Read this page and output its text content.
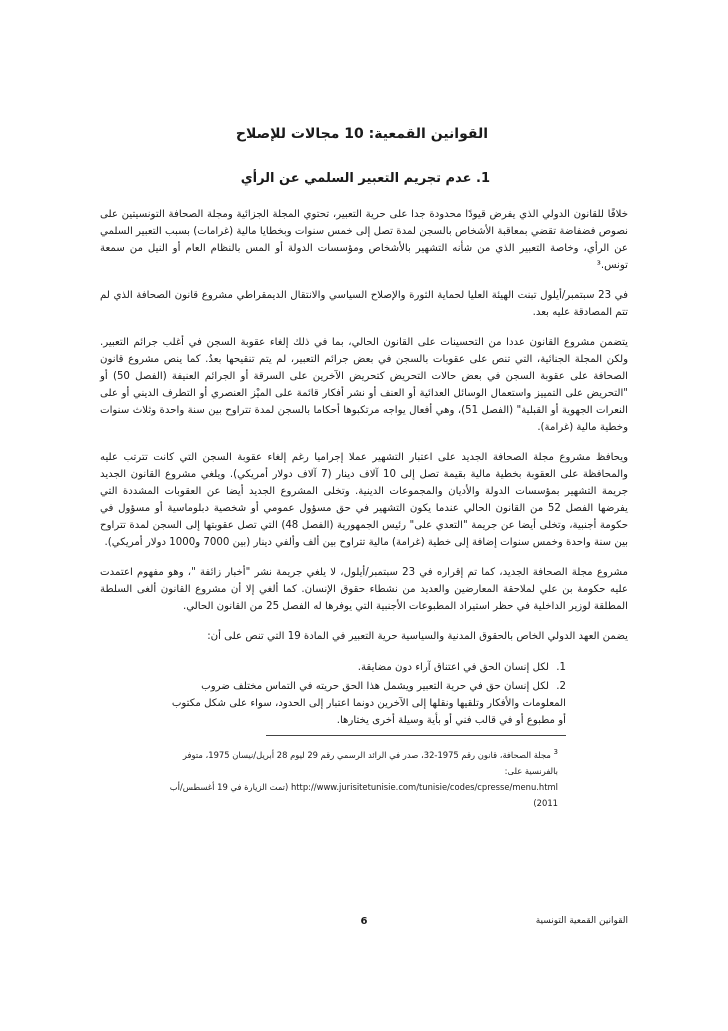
القوانين القمعية: 10 مجالات للإصلاح
1. عدم تجريم التعبير السلمي عن الرأي

خلافًا للقانون الدولي الذي يفرض قيودًا محدودة جدا على حرية التعبير، تحتوي المجلة الجزائية ومجلة الصحافة التونسيتين على نصوص فضفاضة تقضي بمعاقبة الأشخاص بالسجن لمدة تصل إلى خمس سنوات وبخطايا مالية (غرامات) بسبب التعبير السلمي عن الرأي، وخاصة التعبير الذي من شأنه التشهير بالأشخاص ومؤسسات الدولة أو المس بالنظام العام أو النيل من سمعة تونس.³

في 23 سبتمبر/أيلول تبنت الهيئة العليا لحماية الثورة والإصلاح السياسي والانتقال الديمقراطي مشروع قانون الصحافة الذي لم تتم المصادقة عليه بعد.

يتضمن مشروع القانون عددا من التحسينات على القانون الحالي، بما في ذلك إلغاء عقوبة السجن في أغلب جرائم التعبير. ولكن المجلة الجنائية، التي تنص على عقوبات بالسجن في بعض جرائم التعبير، لم يتم تنقيحها بعدُ. كما ينص مشروع قانون الصحافة على عقوبة السجن في بعض حالات التحريض كتحريض الآخرين على السرقة أو الجرائم العنيفة (الفصل 50) أو "التحريض على التمييز واستعمال الوسائل العدائية أو العنف أو نشر أفكار قائمة على الميْز العنصري أو التطرف الديني أو على النعرات الجهوية أو القبلية" (الفصل 51)، وهي أفعال يواجه مرتكبوها أحكاما بالسجن لمدة تتراوح بين سنة واحدة وثلاث سنوات وخطية مالية (غرامة).

ويحافظ مشروع مجلة الصحافة الجديد على اعتبار التشهير عملا إجراميا رغم إلغاء عقوبة السجن التي كانت تترتب عليه والمحافظة على العقوبة بخطية مالية بقيمة تصل إلى 10 آلاف دينار (7 آلاف دولار أمريكي). ويلغي مشروع القانون الجديد جريمة التشهير بمؤسسات الدولة والأديان والمجموعات الدينية. وتخلى المشروع الجديد أيضا عن العقوبات المشددة التي يفرضها الفصل 52 من القانون الحالي عندما يكون التشهير في حق مسؤول عمومي أو شخصية دبلوماسية أو مسؤول في حكومة أجنبية، وتخلى أيضا عن جريمة "التعدي على" رئيس الجمهورية (الفصل 48) التي تصل عقوبتها إلى السجن لمدة تتراوح بين سنة واحدة وخمس سنوات إضافة إلى خطية (غرامة) مالية تتراوح بين ألف وألفي دينار (بين 7000 و1000 دولار أمريكي).

مشروع مجلة الصحافة الجديد، كما تم إقراره في 23 سبتمبر/أيلول، لا يلغي جريمة نشر "أخبار زائفة "، وهو مفهوم اعتمدت عليه حكومة بن علي لملاحقة المعارضين والعديد من نشطاء حقوق الإنسان. كما ألغي إلا أن مشروع القانون ألغى السلطة المطلقة لوزير الداخلية في حظر استيراد المطبوعات الأجنبية التي يوفرها له الفصل 25 من القانون الحالي.

يضمن العهد الدولي الخاص بالحقوق المدنية والسياسية حرية التعبير في المادة 19 التي تنص على أن:

1. لكل إنسان الحق في اعتناق آراء دون مضايقة.
2. لكل إنسان حق في حرية التعبير ويشمل هذا الحق حريته في التماس مختلف ضروب المعلومات والأفكار وتلقيها ونقلها إلى الآخرين دونما اعتبار إلى الحدود، سواء على شكل مكتوب أو مطبوع أو في قالب فني أو بأية وسيلة أخرى يختارها.
$^3$ مجلة الصحافة، قانون رقم 1975-32، صدر في الرائد الرسمي رقم 29 ليوم 28 أبريل/نيسان 1975، متوفر بالفرنسية على:
http://www.jurisitetunisie.com/tunisie/codes/cpresse/menu.html (تمت الزيارة في 19 أغسطس/أب 2011)
القوانين القمعية التونسية
6
